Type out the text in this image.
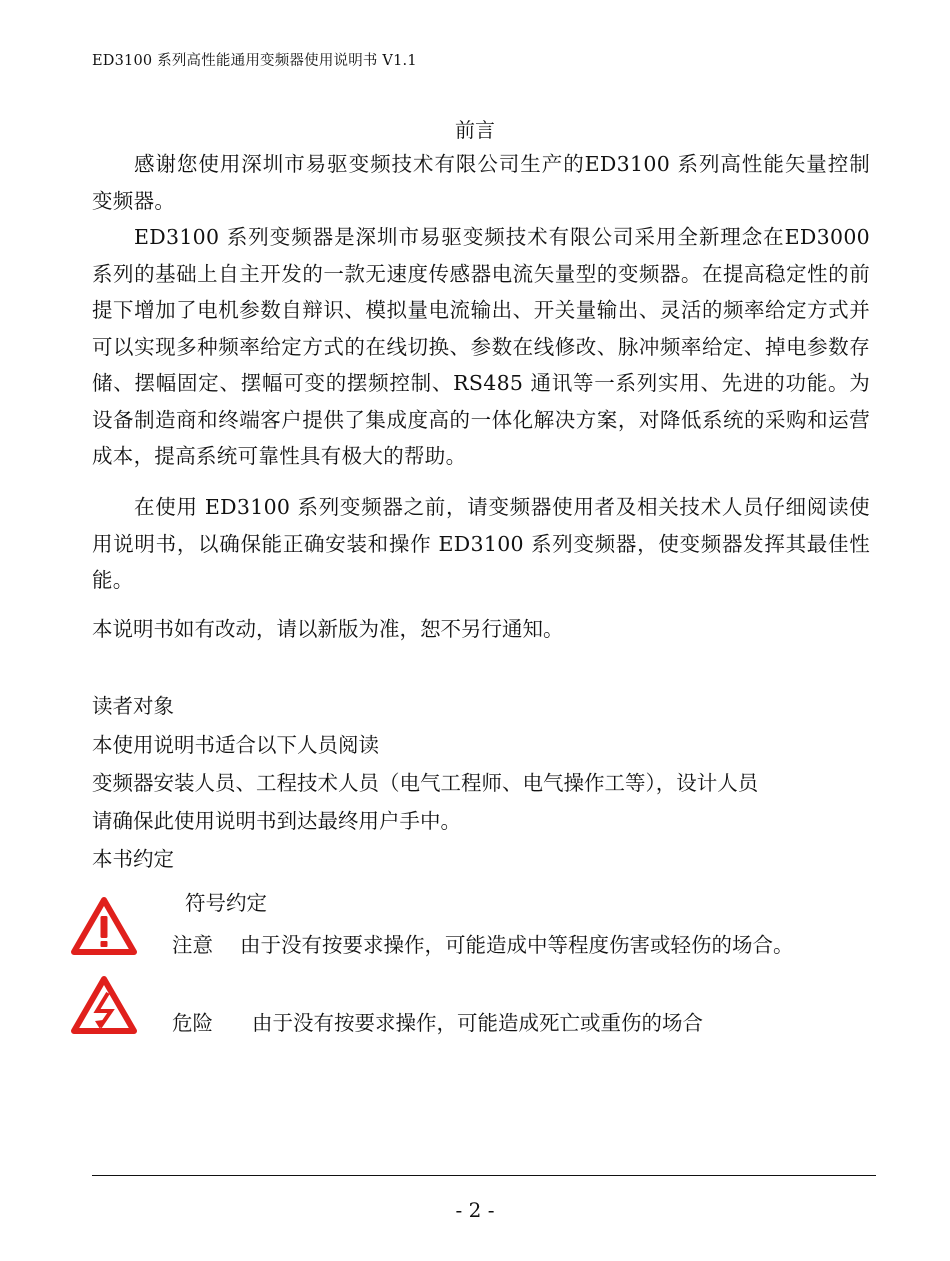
ED3100 系列高性能通用变频器使用说明书 V1.1
前言
感谢您使用深圳市易驱变频技术有限公司生产的ED3100 系列高性能矢量控制变频器。
ED3100 系列变频器是深圳市易驱变频技术有限公司采用全新理念在ED3000 系列的基础上自主开发的一款无速度传感器电流矢量型的变频器。在提高稳定性的前提下增加了电机参数自辩识、模拟量电流输出、开关量输出、灵活的频率给定方式并可以实现多种频率给定方式的在线切换、参数在线修改、脉冲频率给定、掉电参数存储、摆幅固定、摆幅可变的摆频控制、RS485 通讯等一系列实用、先进的功能。为设备制造商和终端客户提供了集成度高的一体化解决方案，对降低系统的采购和运营成本，提高系统可靠性具有极大的帮助。
在使用 ED3100 系列变频器之前，请变频器使用者及相关技术人员仔细阅读使用说明书，以确保能正确安装和操作 ED3100 系列变频器，使变频器发挥其最佳性能。
本说明书如有改动，请以新版为准，恕不另行通知。
读者对象
本使用说明书适合以下人员阅读
变频器安装人员、工程技术人员（电气工程师、电气操作工等），设计人员
请确保此使用说明书到达最终用户手中。
本书约定
符号约定
注意 由于没有按要求操作，可能造成中等程度伤害或轻伤的场合。
危险 由于没有按要求操作，可能造成死亡或重伤的场合
- 2 -
